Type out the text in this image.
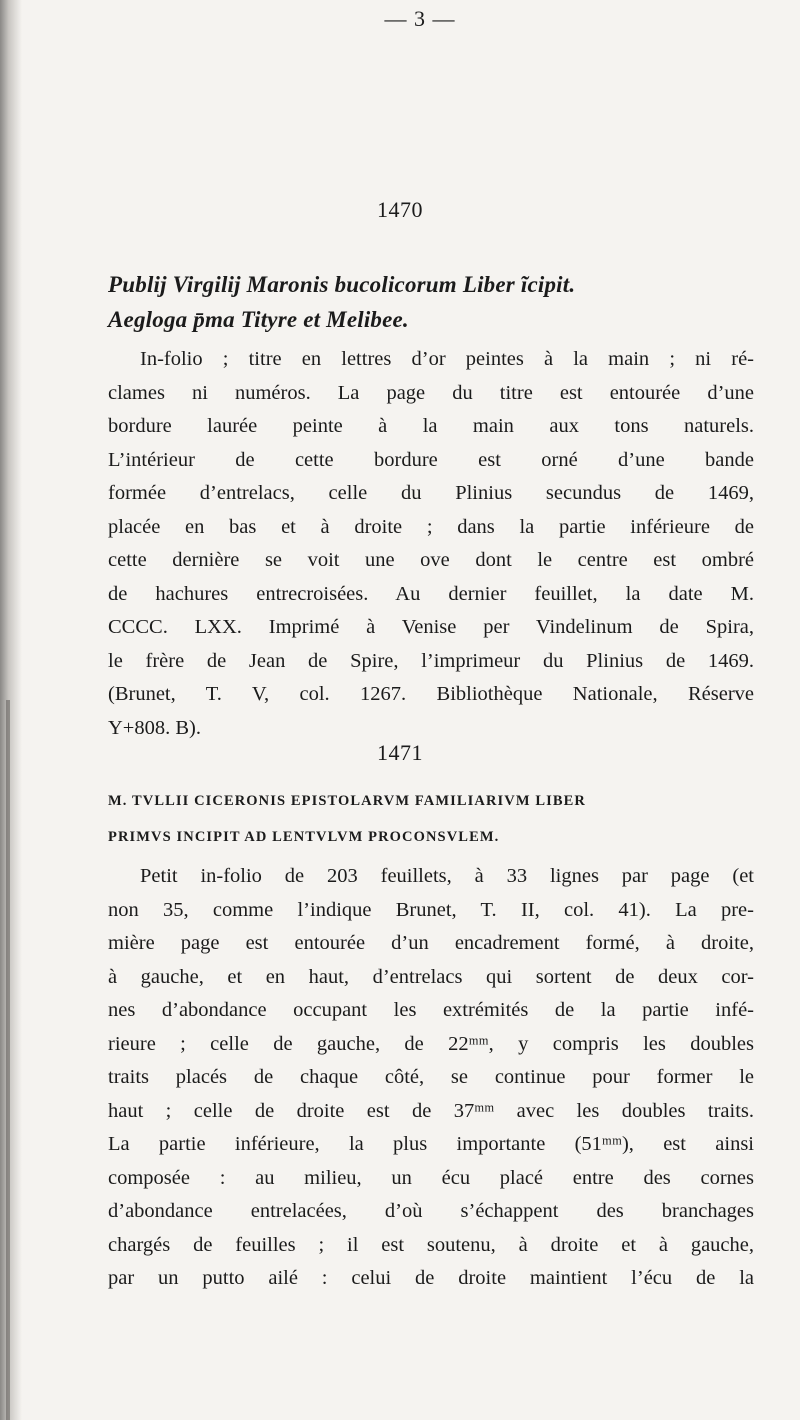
— 3 —
1470
Publij Virgilij Maronis bucolicorum Liber ĩcipit.
Aegloga p̄ma Tityre et Melibee.
In-folio ; titre en lettres d’or peintes à la main ; ni ré-
clames ni numéros. La page du titre est entourée d’une
bordure laurée peinte à la main aux tons naturels.
L’intérieur de cette bordure est orné d’une bande
formée d’entrelacs, celle du Plinius secundus de 1469,
placée en bas et à droite ; dans la partie inférieure de
cette dernière se voit une ove dont le centre est ombré
de hachures entrecroisées. Au dernier feuillet, la date M.
CCCC. LXX. Imprimé à Venise per Vindelinum de Spira,
le frère de Jean de Spire, l’imprimeur du Plinius de 1469.
(Brunet, T. V, col. 1267. Bibliothèque Nationale, Réserve
Y+808. B).
1471
M. TVLLII CICERONIS EPISTOLARVM FAMILIARIVM LIBER
PRIMVS INCIPIT AD LENTVLVM PROCONSVLEM.
Petit in-folio de 203 feuillets, à 33 lignes par page (et
non 35, comme l’indique Brunet, T. II, col. 41). La pre-
mière page est entourée d’un encadrement formé, à droite,
à gauche, et en haut, d’entrelacs qui sortent de deux cor-
nes d’abondance occupant les extrémités de la partie infé-
rieure ; celle de gauche, de 22ᵐᵐ, y compris les doubles
traits placés de chaque côté, se continue pour former le
haut ; celle de droite est de 37ᵐᵐ avec les doubles traits.
La partie inférieure, la plus importante (51ᵐᵐ), est ainsi
composée : au milieu, un écu placé entre des cornes
d’abondance entrelacées, d’où s’échappent des branchages
chargés de feuilles ; il est soutenu, à droite et à gauche,
par un putto ailé : celui de droite maintient l’écu de la
